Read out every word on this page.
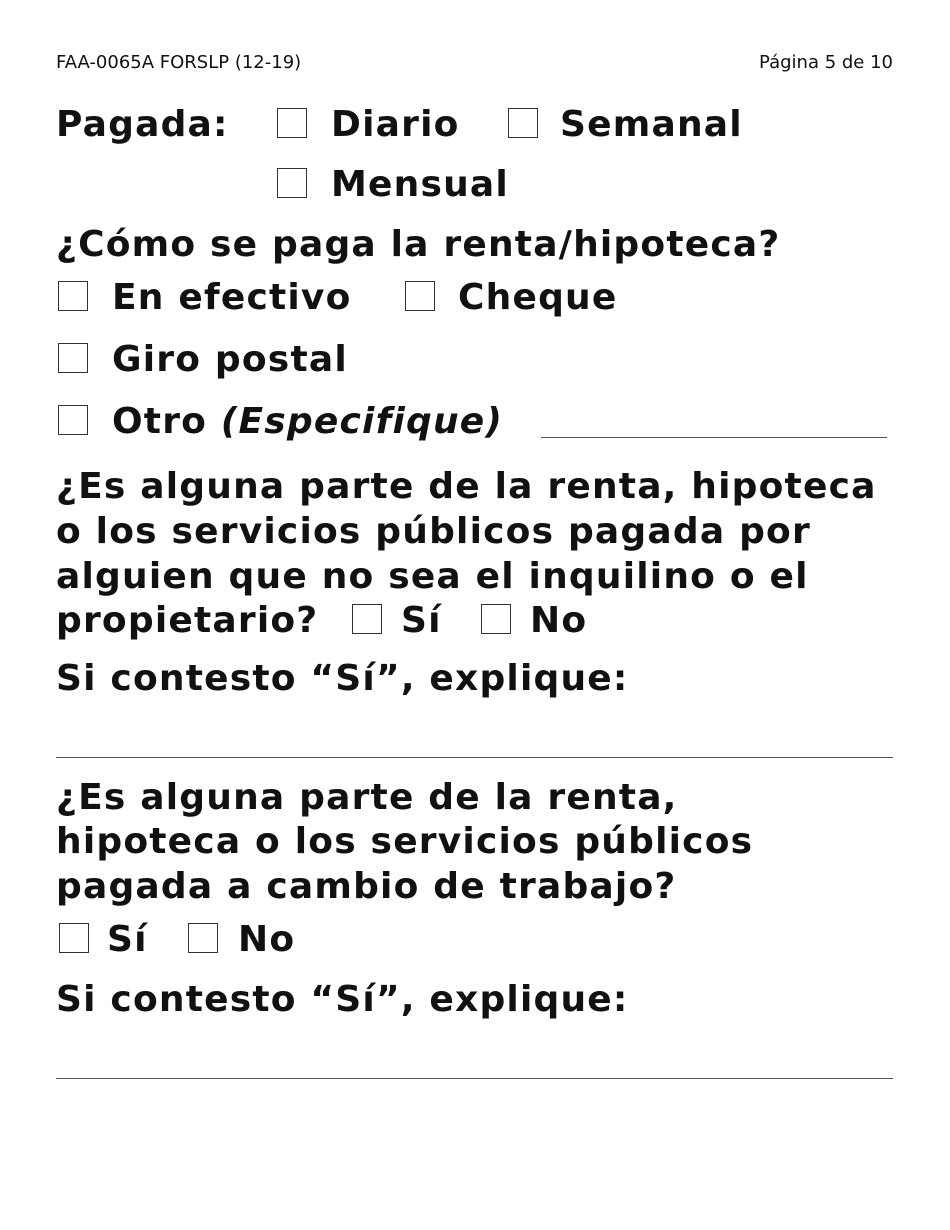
FAA-0065A FORSLP (12-19)	Página 5 de 10
Pagada:	Diario	Semanal
Mensual
¿Cómo se paga la renta/hipoteca?
En efectivo	Cheque
Giro postal
Otro (Especifique)
¿Es alguna parte de la renta, hipoteca
o los servicios públicos pagada por
alguien que no sea el inquilino o el
propietario? Sí No
Si contesto “Sí”, explique:
¿Es alguna parte de la renta,
hipoteca o los servicios públicos
pagada a cambio de trabajo?
Sí	No
Si contesto “Sí”, explique:
